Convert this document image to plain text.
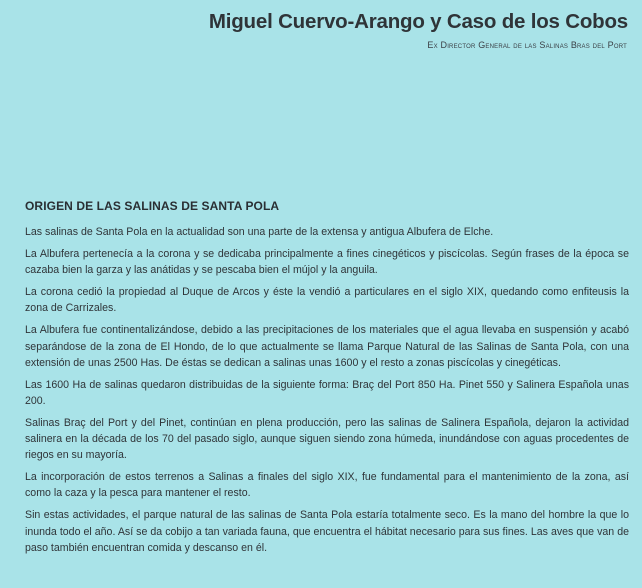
Miguel Cuervo-Arango y Caso de los Cobos
Ex Director General de las Salinas Bras del Port
ORIGEN DE LAS SALINAS DE SANTA POLA

Las salinas de Santa Pola en la actualidad son una parte de la extensa y antigua Albufera de Elche.

La Albufera pertenecía a la corona y se dedicaba principalmente a fines cinegéticos y piscícolas. Según frases de la época se cazaba bien la garza y las anátidas y se pescaba bien el mújol y la anguila.

La corona cedió la propiedad al Duque de Arcos y éste la vendió a particulares en el siglo XIX, quedando como enfiteusis la zona de Carrizales.

La Albufera fue continentalizándose, debido a las precipitaciones de los materiales que el agua llevaba en suspensión y acabó separándose de la zona de El Hondo, de lo que actualmente se llama Parque Natural de las Salinas de Santa Pola, con una extensión de unas 2500 Has. De éstas se dedican a salinas unas 1600 y el resto a zonas piscícolas y cinegéticas.

Las 1600 Ha de salinas quedaron distribuidas de la siguiente forma: Braç del Port 850 Ha. Pinet 550 y Salinera Española unas 200.

Salinas Braç del Port y del Pinet, continúan en plena producción, pero las salinas de Salinera Española, dejaron la actividad salinera en la década de los 70 del pasado siglo, aunque siguen siendo zona húmeda, inundándose con aguas procedentes de riegos en su mayoría.

La incorporación de estos terrenos a Salinas a finales del siglo XIX, fue fundamental para el mantenimiento de la zona, así como la caza y la pesca para mantener el resto.

Sin estas actividades, el parque natural de las salinas de Santa Pola estaría totalmente seco. Es la mano del hombre la que lo inunda todo el año. Así se da cobijo a tan variada fauna, que encuentra el hábitat necesario para sus fines. Las aves que van de paso también encuentran comida y descanso en él.
